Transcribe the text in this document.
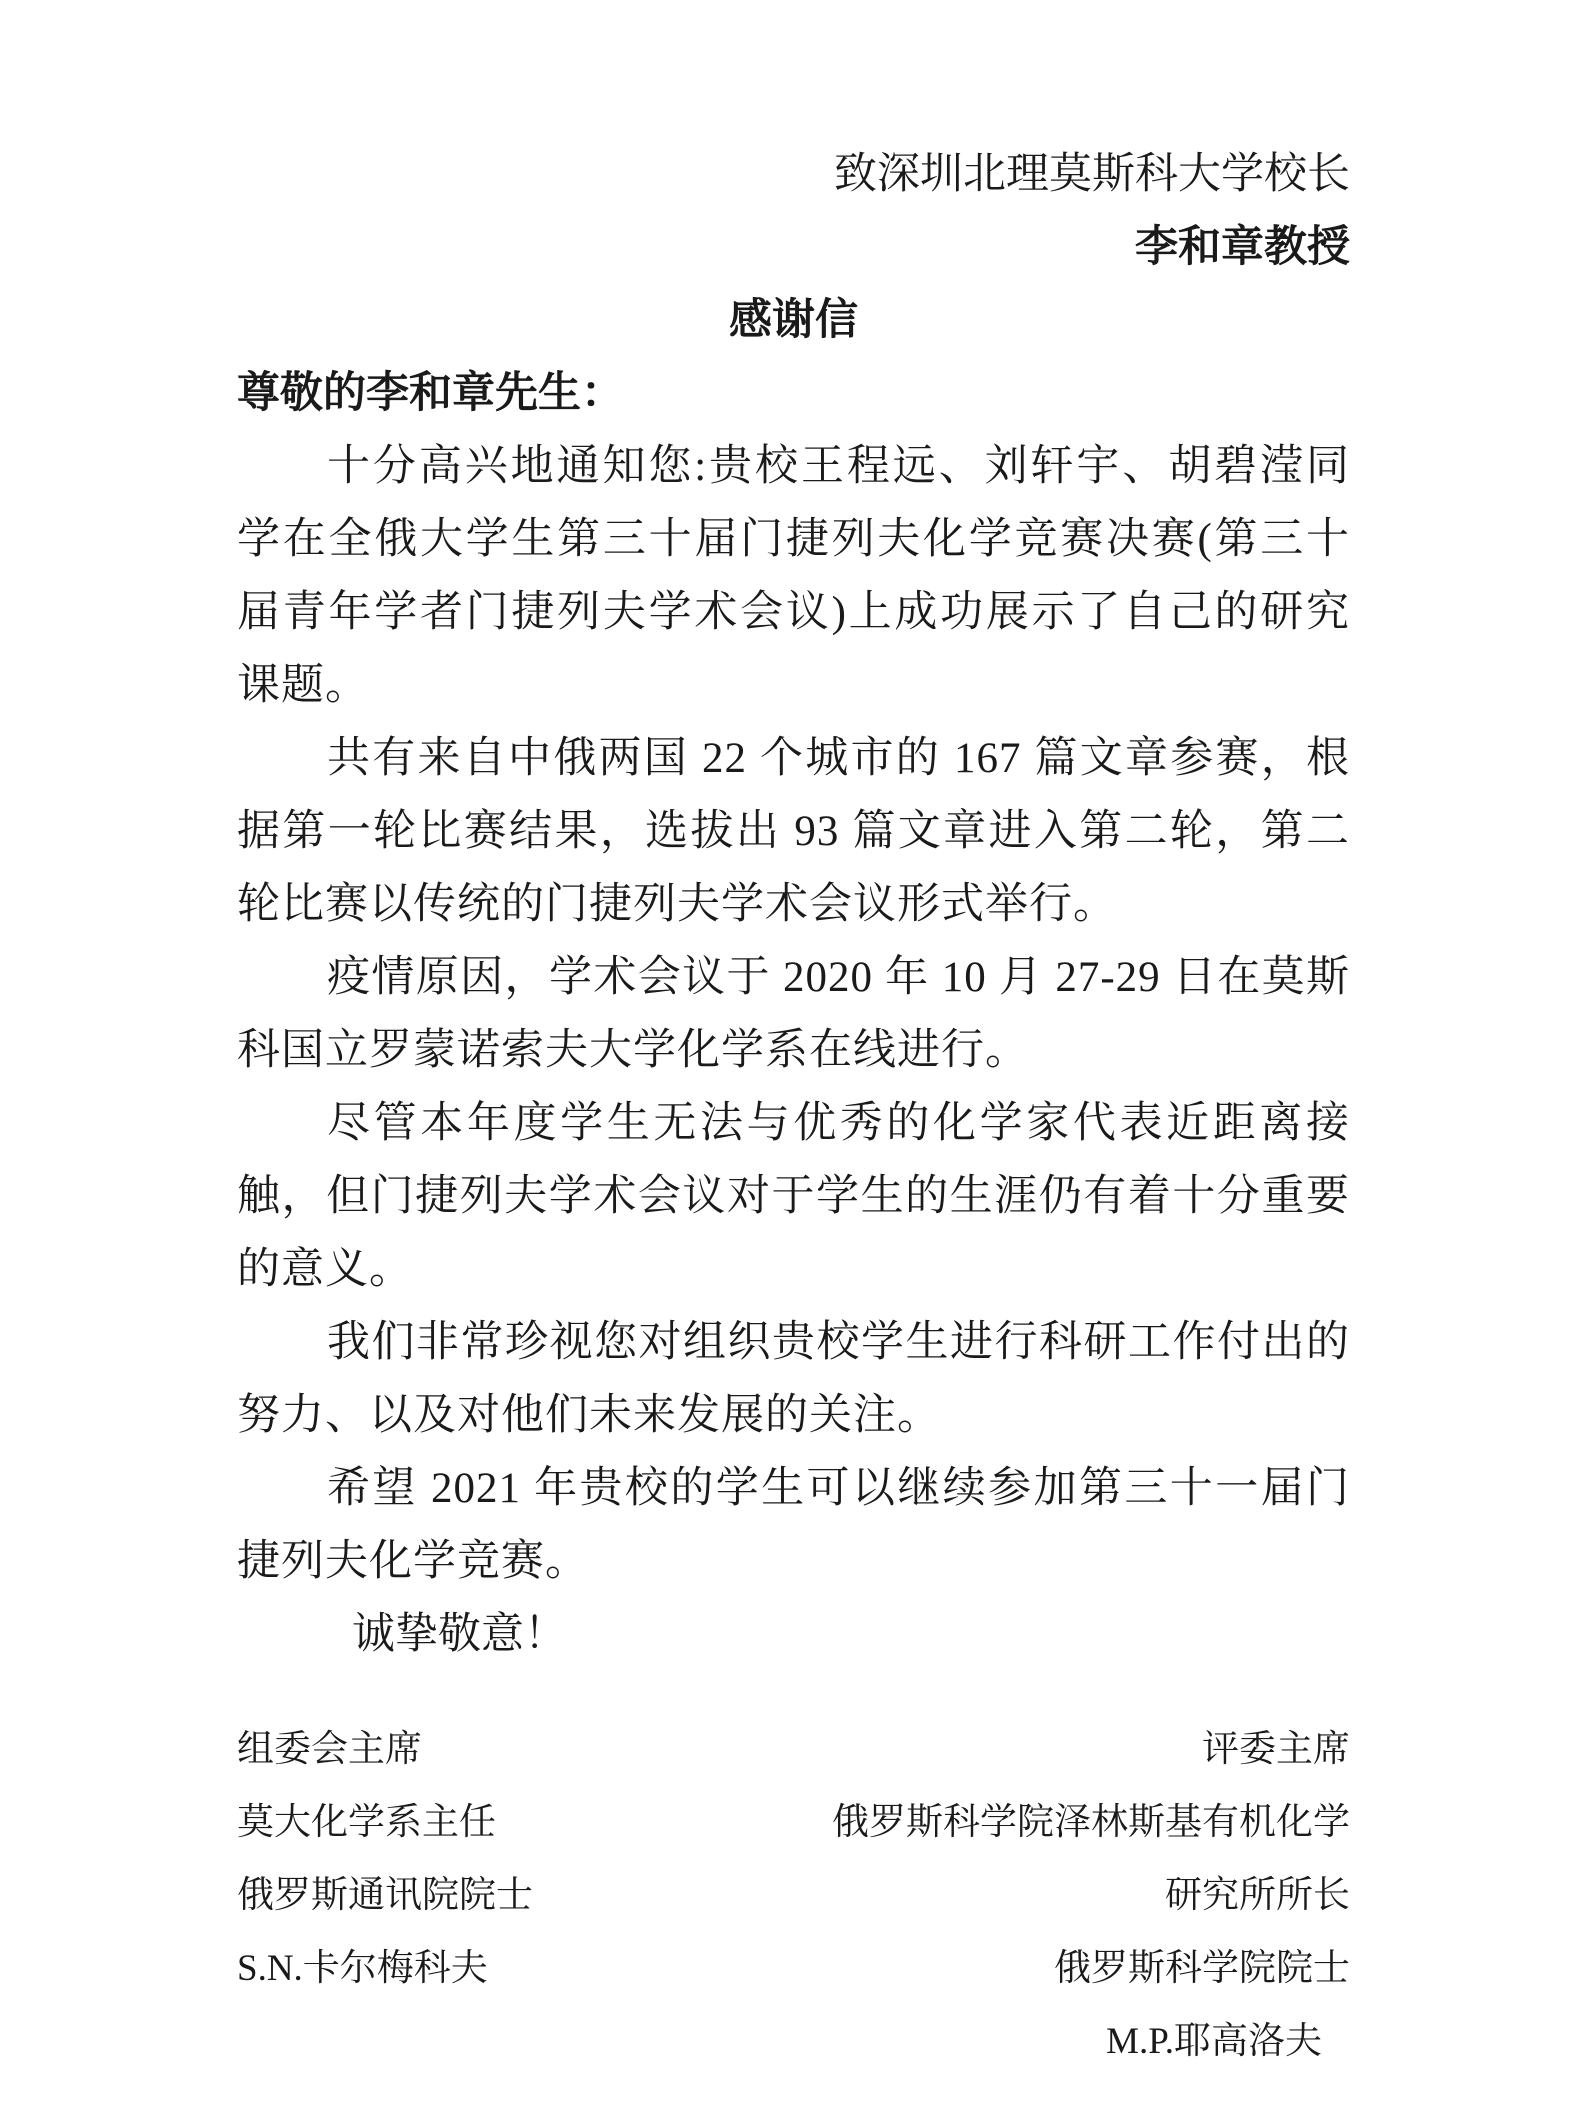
致深圳北理莫斯科大学校长

李和章教授

感谢信

尊敬的李和章先生：

十分高兴地通知您:贵校王程远、刘轩宇、胡碧滢同学在全俄大学生第三十届门捷列夫化学竞赛决赛(第三十届青年学者门捷列夫学术会议)上成功展示了自己的研究课题。

共有来自中俄两国 22 个城市的 167 篇文章参赛，根据第一轮比赛结果，选拔出 93 篇文章进入第二轮，第二轮比赛以传统的门捷列夫学术会议形式举行。

疫情原因，学术会议于 2020 年 10 月 27-29 日在莫斯科国立罗蒙诺索夫大学化学系在线进行。

尽管本年度学生无法与优秀的化学家代表近距离接触，但门捷列夫学术会议对于学生的生涯仍有着十分重要的意义。

我们非常珍视您对组织贵校学生进行科研工作付出的努力、以及对他们未来发展的关注。

希望 2021 年贵校的学生可以继续参加第三十一届门捷列夫化学竞赛。

诚挚敬意！

组委会主席	评委主席
莫大化学系主任	俄罗斯科学院泽林斯基有机化学
俄罗斯通讯院院士	研究所所长
S.N.卡尔梅科夫	俄罗斯科学院院士
M.P.耶高洛夫
